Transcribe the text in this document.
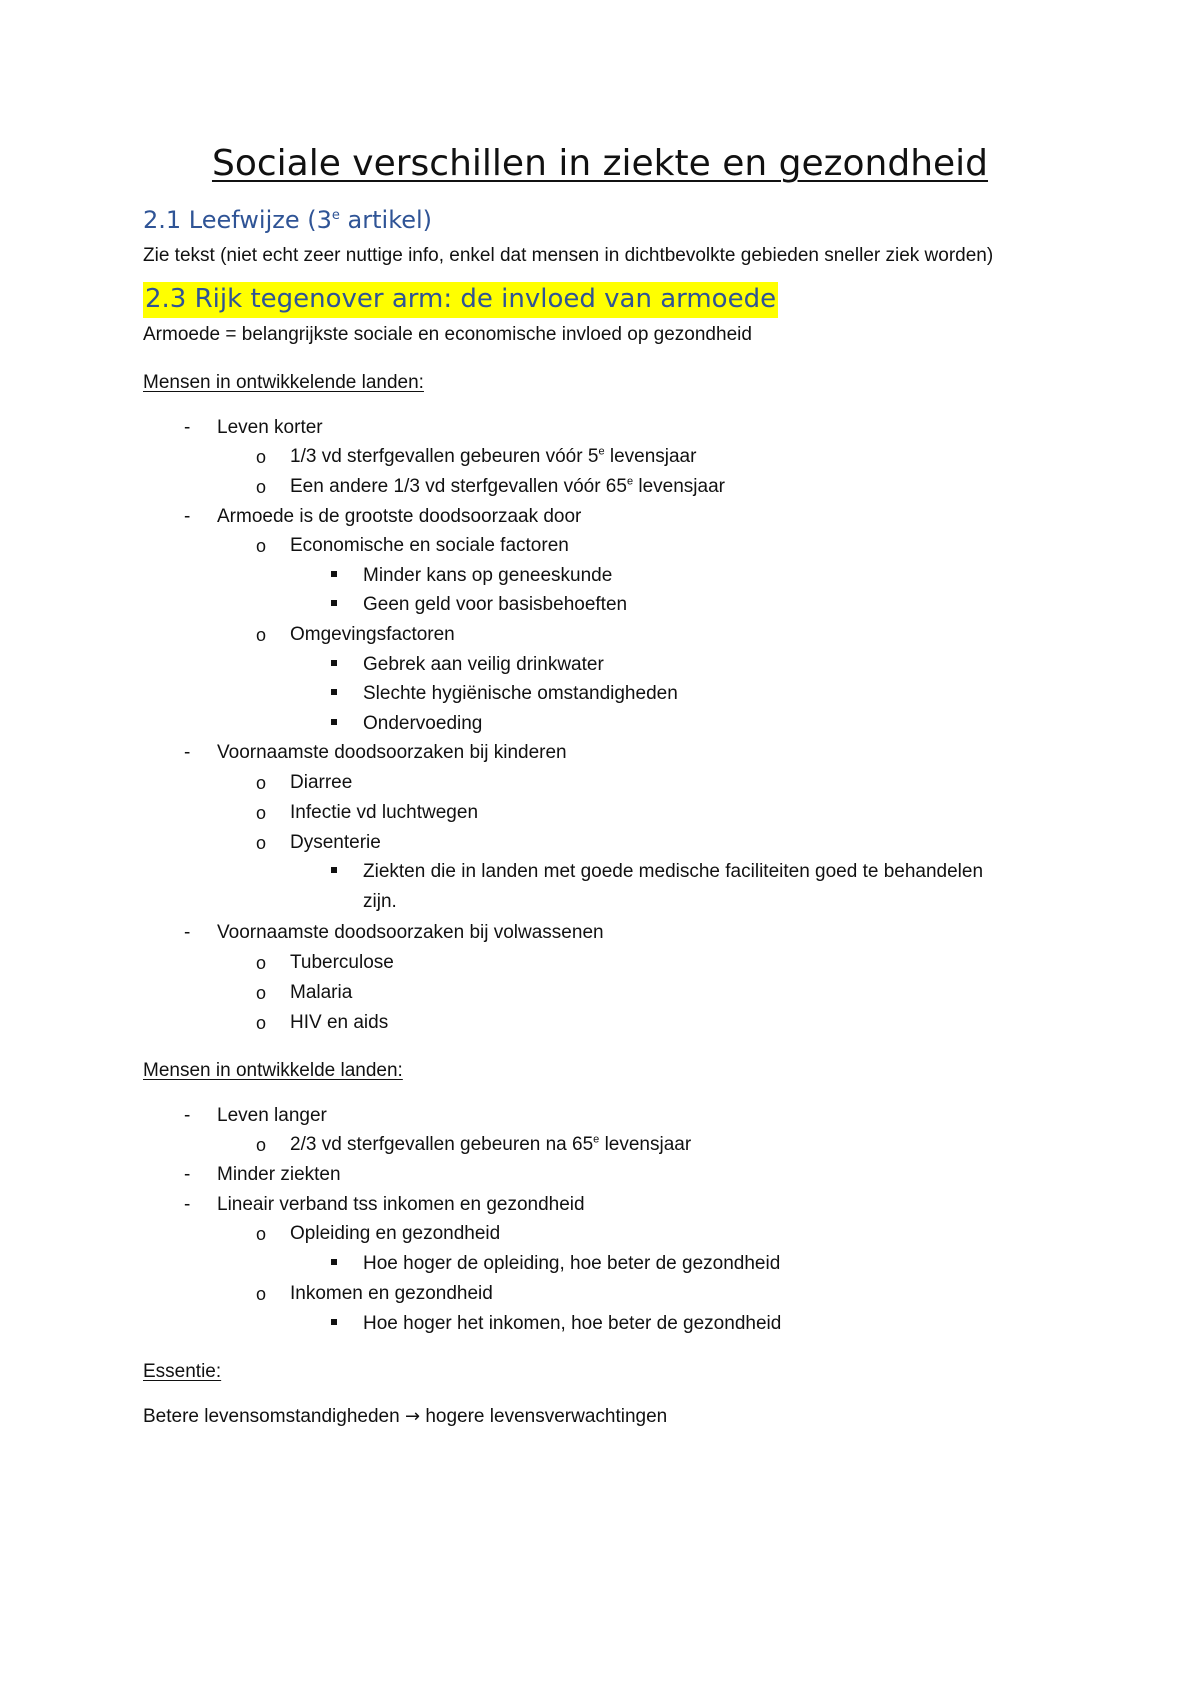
Sociale verschillen in ziekte en gezondheid
2.1 Leefwijze (3e artikel)
Zie tekst (niet echt zeer nuttige info, enkel dat mensen in dichtbevolkte gebieden sneller ziek worden)
2.3 Rijk tegenover arm: de invloed van armoede
Armoede = belangrijkste sociale en economische invloed op gezondheid
Mensen in ontwikkelende landen:
- Leven korter
o 1/3 vd sterfgevallen gebeuren vóór 5e levensjaar
o Een andere 1/3 vd sterfgevallen vóór 65e levensjaar
- Armoede is de grootste doodsoorzaak door
o Economische en sociale factoren
Minder kans op geneeskunde
Geen geld voor basisbehoeften
o Omgevingsfactoren
Gebrek aan veilig drinkwater
Slechte hygiënische omstandigheden
Ondervoeding
- Voornaamste doodsoorzaken bij kinderen
o Diarree
o Infectie vd luchtwegen
o Dysenterie
Ziekten die in landen met goede medische faciliteiten goed te behandelen
zijn.
- Voornaamste doodsoorzaken bij volwassenen
o Tuberculose
o Malaria
o HIV en aids
Mensen in ontwikkelde landen:
- Leven langer
o 2/3 vd sterfgevallen gebeuren na 65e levensjaar
- Minder ziekten
- Lineair verband tss inkomen en gezondheid
o Opleiding en gezondheid
Hoe hoger de opleiding, hoe beter de gezondheid
o Inkomen en gezondheid
Hoe hoger het inkomen, hoe beter de gezondheid
Essentie:
Betere levensomstandigheden → hogere levensverwachtingen
